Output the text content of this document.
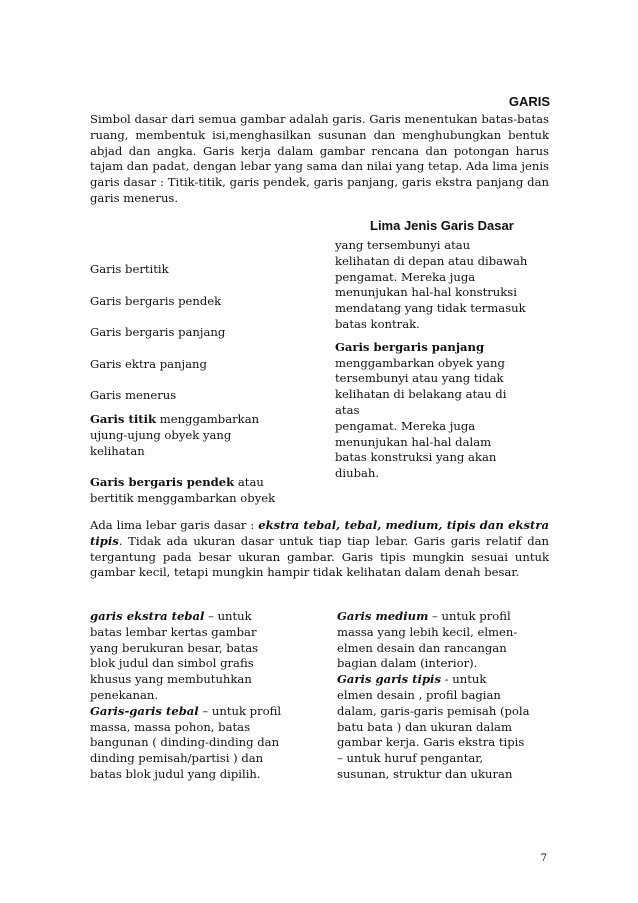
GARIS
Simbol dasar dari semua gambar adalah garis. Garis menentukan batas-batas ruang, membentuk isi,menghasilkan susunan dan menghubungkan bentuk abjad dan angka. Garis kerja dalam gambar rencana dan potongan harus tajam dan padat, dengan lebar yang sama dan nilai yang tetap. Ada lima jenis garis dasar : Titik-titik, garis pendek, garis panjang, garis ekstra panjang dan garis menerus.
Lima Jenis Garis Dasar
Garis bertitik
Garis bergaris pendek
Garis bergaris panjang
Garis ektra panjang
Garis menerus
Garis titik menggambarkan
ujung-ujung obyek yang
kelihatan
Garis bergaris pendek atau
bertitik menggambarkan obyek
yang tersembunyi atau
kelihatan di depan atau dibawah
pengamat. Mereka juga
menunjukan hal-hal konstruksi
mendatang yang tidak termasuk
batas kontrak.
Garis bergaris panjang
menggambarkan obyek yang
tersembunyi atau yang tidak
kelihatan di belakang atau di
atas
pengamat. Mereka juga
menunjukan hal-hal dalam
batas konstruksi yang akan
diubah.
Ada lima lebar garis dasar : ekstra tebal, tebal, medium, tipis dan ekstra tipis. Tidak ada ukuran dasar untuk tiap tiap lebar. Garis garis relatif dan tergantung pada besar ukuran gambar. Garis tipis mungkin sesuai untuk gambar kecil, tetapi mungkin hampir tidak kelihatan dalam denah besar.
garis ekstra tebal – untuk
batas lembar kertas gambar
yang berukuran besar, batas
blok judul dan simbol grafis
khusus yang membutuhkan
penekanan.
Garis-garis tebal – untuk profil
massa, massa pohon, batas
bangunan ( dinding-dinding dan
dinding pemisah/partisi ) dan
batas blok judul yang dipilih.
Garis medium – untuk profil
massa yang lebih kecil, elmen-
elmen desain dan rancangan
bagian dalam (interior).
Garis garis tipis - untuk
elmen desain , profil bagian
dalam, garis-garis pemisah (pola
batu bata ) dan ukuran dalam
gambar kerja. Garis ekstra tipis
– untuk huruf pengantar,
susunan, struktur dan ukuran
7
